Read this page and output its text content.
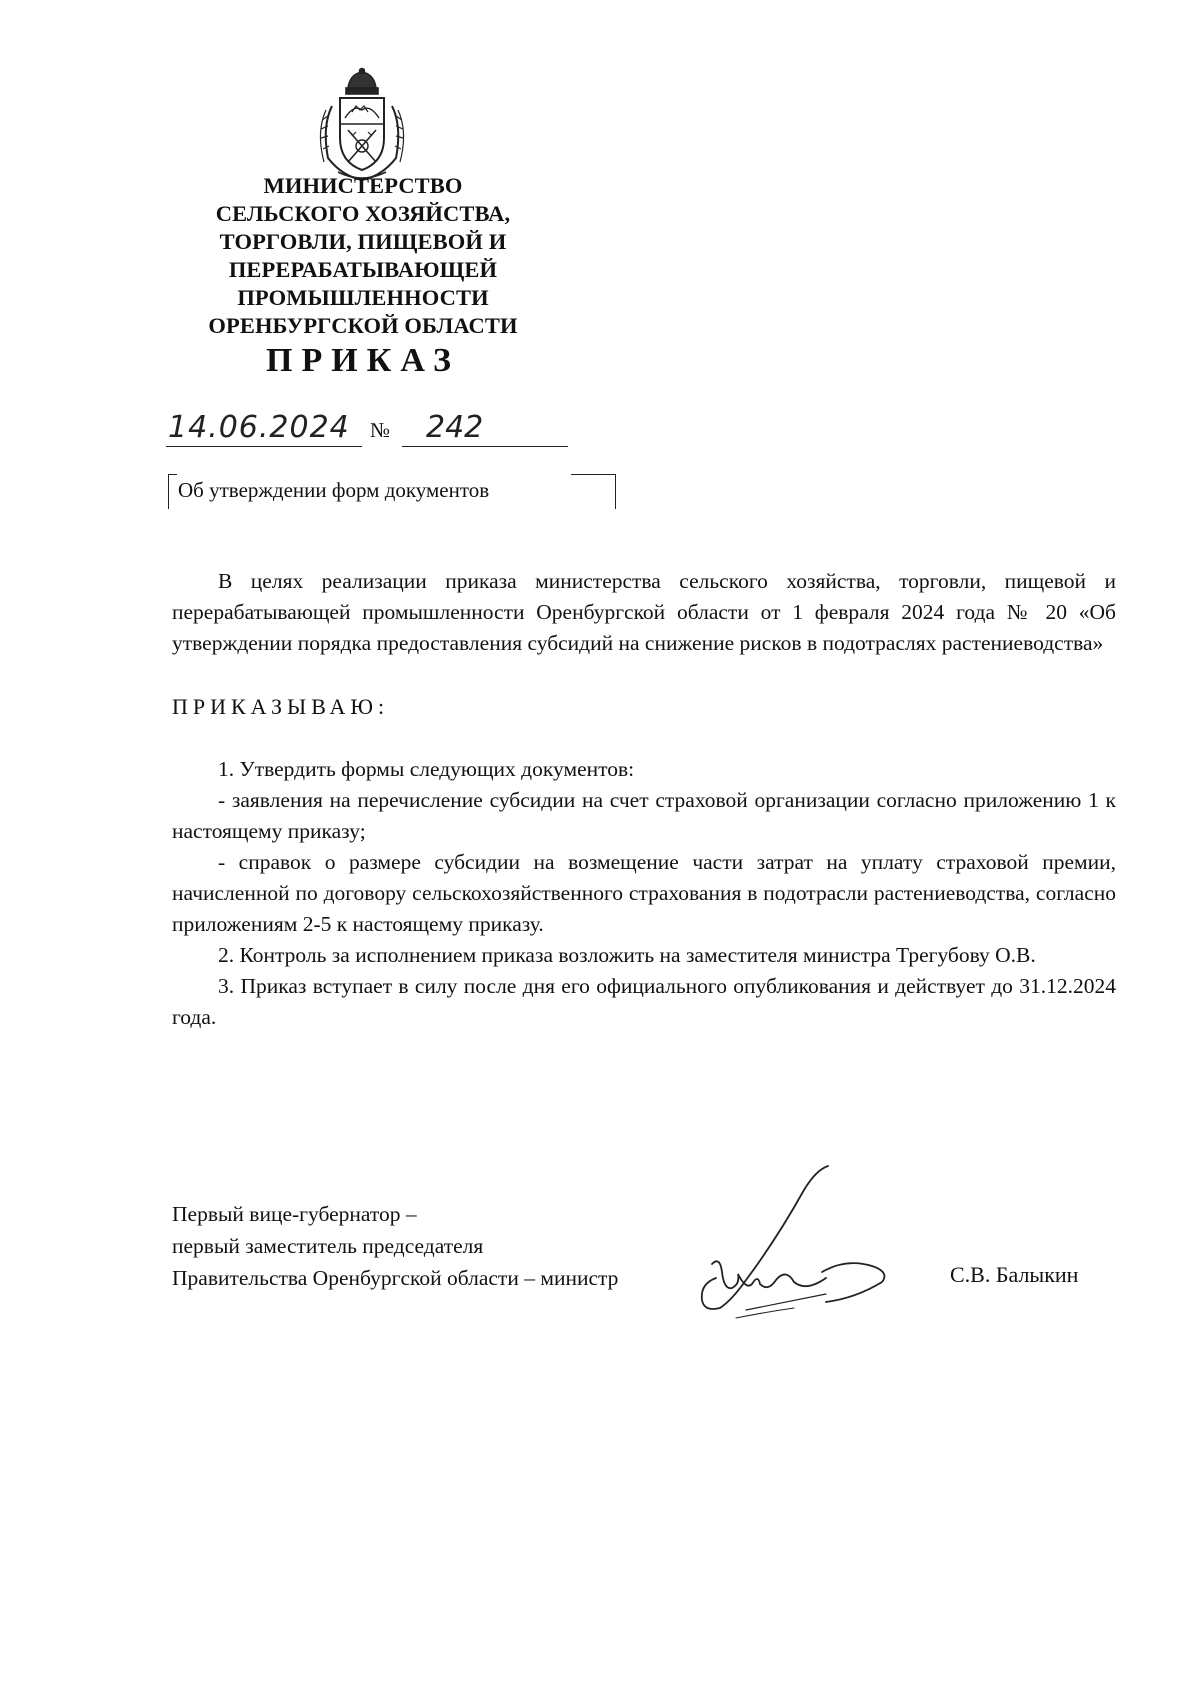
МИНИСТЕРСТВО
СЕЛЬСКОГО ХОЗЯЙСТВА,
ТОРГОВЛИ, ПИЩЕВОЙ И
ПЕРЕРАБАТЫВАЮЩЕЙ
ПРОМЫШЛЕННОСТИ
ОРЕНБУРГСКОЙ ОБЛАСТИ
ПРИКАЗ
14.06.2024 № 242
Об утверждении форм документов

В целях реализации приказа министерства сельского хозяйства, торговли, пищевой и перерабатывающей промышленности Оренбургской области от 1 февраля 2024 года № 20 «Об утверждении порядка предоставления субсидий на снижение рисков в подотраслях растениеводства»

ПРИКАЗЫВАЮ:

1. Утвердить формы следующих документов:

- заявления на перечисление субсидии на счет страховой организации согласно приложению 1 к настоящему приказу;

- справок о размере субсидии на возмещение части затрат на уплату страховой премии, начисленной по договору сельскохозяйственного страхования в подотрасли растениеводства, согласно приложениям 2-5 к настоящему приказу.

2. Контроль за исполнением приказа возложить на заместителя министра Трегубову О.В.

3. Приказ вступает в силу после дня его официального опубликования и действует до 31.12.2024 года.

Первый вице-губернатор –
первый заместитель председателя
Правительства Оренбургской области – министр	С.В. Балыкин
